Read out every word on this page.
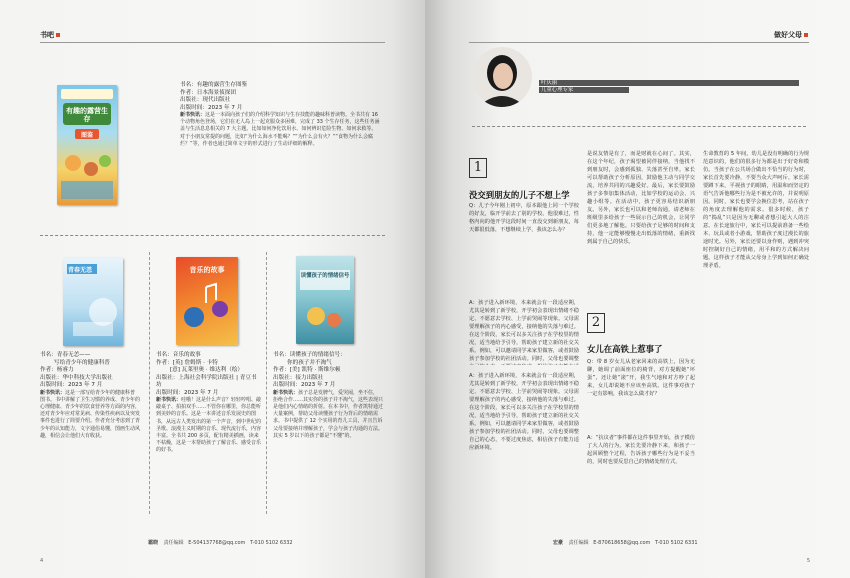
书吧
有趣的露营生存
图鉴
书名：有趣的露营生存图鉴
作者：日本海景侦探团
出版社：现代出版社
出版时间：2023 年 7 月
新书快讯：这是一本面向孩子们的介绍科学知识与生存技能的趣味科普读物。全书共有 16 个动物角色登场，它们在无人岛上一起克服众多困难，完成了 33 个生存任务，这些任务涵盖与生活息息相关的 7 大主题。比如如何净化饮用水、如何辨识危险生物、如何求救等。对于小朋友常提的问题，比如“为什么海水不能喝？”“为什么会有火？”“食物为什么会腐烂？”等，作者也通过简单文字的形式进行了生动详细的解释。
青春无恙	音乐的故事
读懂孩子的情绪信号
书名：青春无恙——
写给青少年的健康科普
作者：杨睿力
出版社：华中科技大学出版社
出版时间：2023 年 7 月
新书快讯：这是一部写给青少年的健康科普图书。书中讲解了卫生习惯的养成、青少年的心理健康、青少年的饮食营养等方面的内容，还对青少年应对常见病、传染性疾病以及突发事件也进行了简要介绍。作者充分考虑到了青少年的认知能力，文字通俗易懂，图画生动风趣，相信会让他们大有收获。
书名：音乐的故事
作者：[英] 詹姆斯 · 卡特
[意] 瓦莱里奥 · 维达利（绘）
出版社：上海社会科学院出版社 | 青豆书坊
出版时间：2023 年 7 月
新书快讯：哇哦！这是什么声音？轻轻哼唱、敲敲桌子、拍拍双手……不管你在哪里，你总能听到美妙的音乐。这是一本讲述音乐发展史的图书，从远古人类发出的第一个声音，到中世纪的圣歌、浪漫主义时期的音乐、现代流行乐，内容丰富。全书共 200 多页，配有精美插画，读来不枯燥，这是一本帮助孩子了解音乐、感受音乐的好书。
书名：读懂孩子的情绪信号：
你的孩子并不淘气
作者：[美] 凯特 · 斯维尔顿
出版社：接力出版社
出版时间：2023 年 7 月
新书快讯：孩子总是发脾气，爱哭闹，坐不住，拒绝合作……其实你的孩子并不淘气，这些表现只是他们内心情绪的折射。在本书中，作者凯特通过大量案例，帮助父母读懂孩子行为背后的情绪需求。书中提供了 12 个实用的育儿工具，并且告诉父母要接纳并理解孩子，学会与孩子沟通的方法。其实 5 岁以下的孩子都是“不懂”的。
霜晓 责任编辑 E-504137768@qq.com T-010 5102 6332
4
做好父母
叶庆丽
儿童心理专家
1
没交到朋友的儿子不想上学
Q：儿子今年刚上初中，原本跟他上同一个学校的好友，临开学前去了别的学校。他很难过，性格内向的他开学这段时间一直没交到新朋友，每天都很低落，不想继续上学，我该怎么办？
A：孩子进入新环境，本来就会有一段适应期，尤其是转到了新学校，开学初会表现出情绪不稳定、不愿意去学校、上学前哭闹等现象。父母需要理解孩子的内心感受，接纳他的失落与难过。在这个阶段，家长可以多关注孩子在学校里的情况，适当地给予引导，帮助孩子建立新的社交关系。例如，可以邀请同学来家里做客，或者鼓励孩子参加学校的社团活动。同时，父母也要调整
2
女儿在高铁上惹事了
A：孩子进入新环境，本来就会有一段适应期，尤其是转到了新学校，开学初会表现出情绪不稳定、不愿意去学校、上学前哭闹等现象。父母需要理解孩子的内心感受，接纳他的失落与难过。在这个阶段，家长可以多关注孩子在学校里的情况，适当地给予引导，帮助孩子建立新的社交关系。例如，可以邀请同学来家里做客，或者鼓励孩子参加学校的社团活动。同时，父母也要调整自己的心态，不要过度焦虑，相信孩子有能力适应新环境。
是说友情是有了，而是财就在心间了。其实，在这个年纪，孩子渴望被同伴接纳，当他找不到朋友时，会感到孤独、失落甚至自卑。家长可以帮助孩子分析原因，鼓励他主动与同学交流，培养共同的兴趣爱好。最后，家长要鼓励孩子多参加集体活动，比如学校的运动会、兴趣小组等。在活动中，孩子更容易结识新朋友。另外，家长也可以和老师沟通，请老师在班级里多给孩子一些展示自己的机会，让同学们更多地了解他。只要给孩子足够的时间和支持，他一定能够慢慢走出低落的情绪，重新找到属于自己的快乐。
Q：带 8 岁女儿从老家回来的高铁上，因为无聊，她调了前面座位的椅背，对方提醒她“坏蛋”，还让她“滚”开，我生气地和对方吵了起来，女儿却说她不应该坐高铁。这件事对孩子一定有影响，我该怎么做才好？
A：“抗议者”事件都在这件事里开始，孩子模仿了大人的行为。家长先要冷静下来，和孩子一起回顾整个过程，告诉孩子哪些行为是不妥当的，同时也要反思自己的情绪处理方式。
生命教育的 5 年间，幼儿是没有明确的行为规范意识的，他们的很多行为都是出于好奇和模仿。当孩子在公共场合做出不恰当的行为时，家长首先要冷静，不要当众大声呵斥。家长需要蹲下来，平视孩子的眼睛，用温和而坚定的语气告诉他哪些行为是不被允许的，并说明原因。同时，家长也要学会换位思考，站在孩子的角度去理解他的需求。很多时候，孩子的“捣乱”只是因为无聊或者想引起大人的注意。在长途旅行中，家长可以提前准备一些绘本、玩具或者小游戏，帮助孩子度过漫长的旅途时光。另外，家长还要以身作则，遇到冲突时控制好自己的情绪，用平和的方式解决问题。这样孩子才能从父母身上学到如何正确处理矛盾。
宏豪 责任编辑 E-870618658@qq.com T-010 5102 6331
5
